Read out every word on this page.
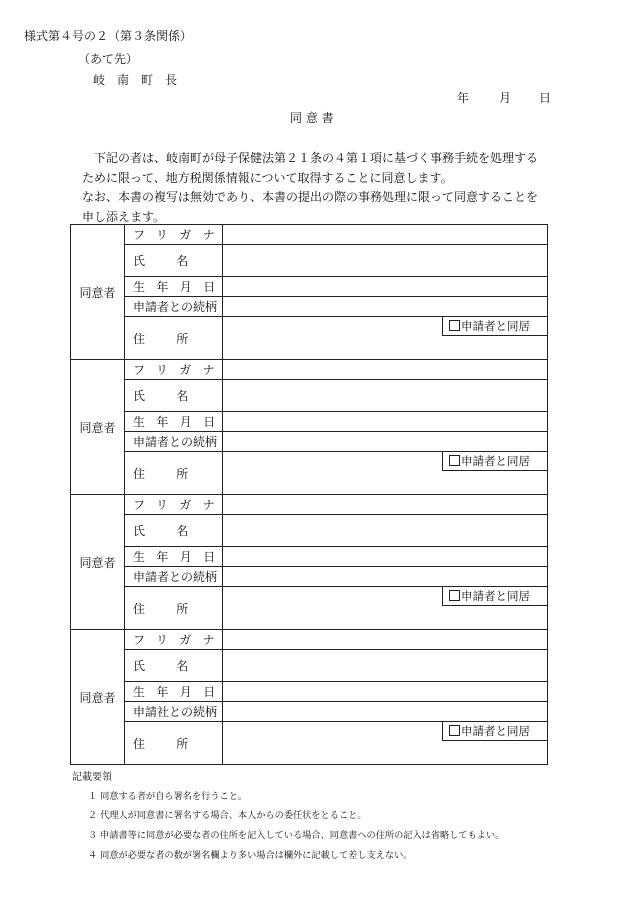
様式第４号の２（第３条関係）
（あて先）
岐　南　町　長
年 月 日
同 意 書
下記の者は、岐南町が母子保健法第２１条の４第１項に基づく事務手続を処理する
ために限って、地方税関係情報について取得することに同意します。
なお、本書の複写は無効であり、本書の提出の際の事務処理に限って同意することを
申し添えます。
同意者	フリガナ	
	氏名	
	生年月日	
	申請者との続柄	
	住所	申請者と同居

同意者	フリガナ	
	氏名	
	生年月日	
	申請者との続柄	
	住所	申請者と同居

同意者	フリガナ	
	氏名	
	生年月日	
	申請者との続柄	
	住所	申請者と同居

同意者	フリガナ	
	氏名	
	生年月日	
	申請社との続柄	
	住所	申請者と同居
記載要領
１ 同意する者が自ら署名を行うこと。
２ 代理人が同意書に署名する場合、本人からの委任状をとること。
３ 申請書等に同意が必要な者の住所を記入している場合、同意書への住所の記入は省略してもよい。
４ 同意が必要な者の数が署名欄より多い場合は欄外に記載して差し支えない。
